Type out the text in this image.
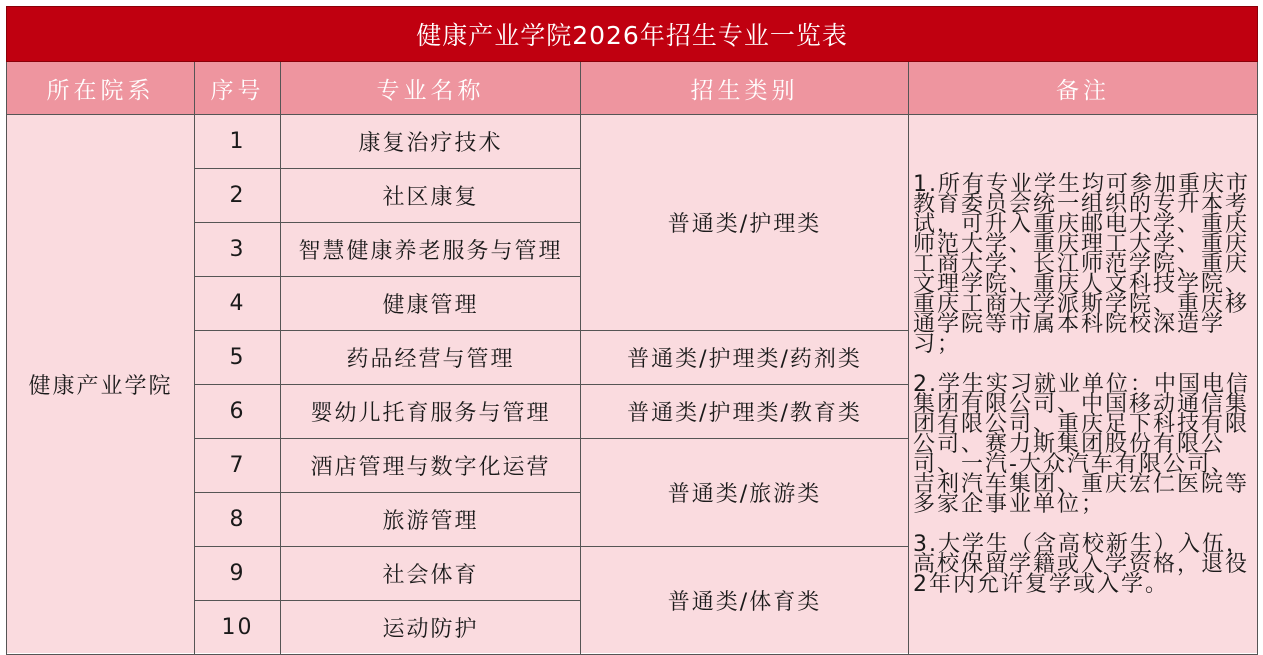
健康产业学院2026年招生专业一览表				
所在院系	序号	专业名称	招生类别	备注
健康产业学院	1	康复治疗技术	普通类/护理类	1.所有专业学生均可参加重庆市教育委员会统一组织的专升本考试，可升入重庆邮电大学、重庆师范大学、重庆理工大学、重庆工商大学、长江师范学院、重庆文理学院、重庆人文科技学院、重庆工商大学派斯学院、重庆移通学院等市属本科院校深造学习；

2.学生实习就业单位：中国电信集团有限公司、中国移动通信集团有限公司、重庆足下科技有限公司、赛力斯集团股份有限公司、一汽-大众汽车有限公司、吉利汽车集团、重庆宏仁医院等多家企事业单位；

3.大学生（含高校新生）入伍，高校保留学籍或入学资格，退役2年内允许复学或入学。

	2	社区康复		
	3	智慧健康养老服务与管理		
	4	健康管理		
	5	药品经营与管理	普通类/护理类/药剂类	
	6	婴幼儿托育服务与管理	普通类/护理类/教育类	
	7	酒店管理与数字化运营	普通类/旅游类	
	8	旅游管理		
	9	社会体育	普通类/体育类	
	10	运动防护		
